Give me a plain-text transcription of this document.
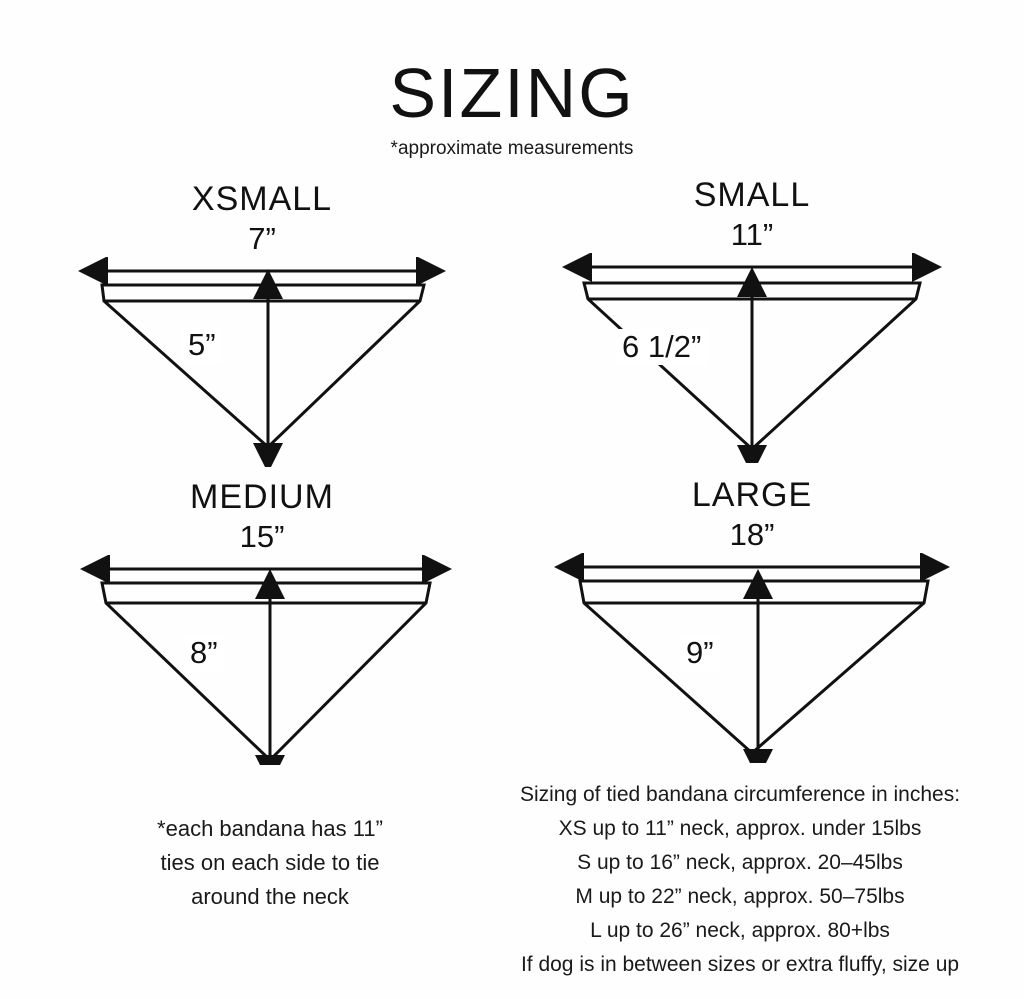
SIZING
*approximate measurements
XSMALL
7”
5”
SMALL
11”
6 1/2”
MEDIUM
15”
8”
LARGE
18”
9”
*each bandana has 11”
ties on each side to tie
around the neck
Sizing of tied bandana circumference in inches:
XS up to 11” neck, approx. under 15lbs
S up to 16” neck, approx. 20–45lbs
M up to 22” neck, approx. 50–75lbs
L up to 26” neck, approx. 80+lbs
If dog is in between sizes or extra fluffy, size up
